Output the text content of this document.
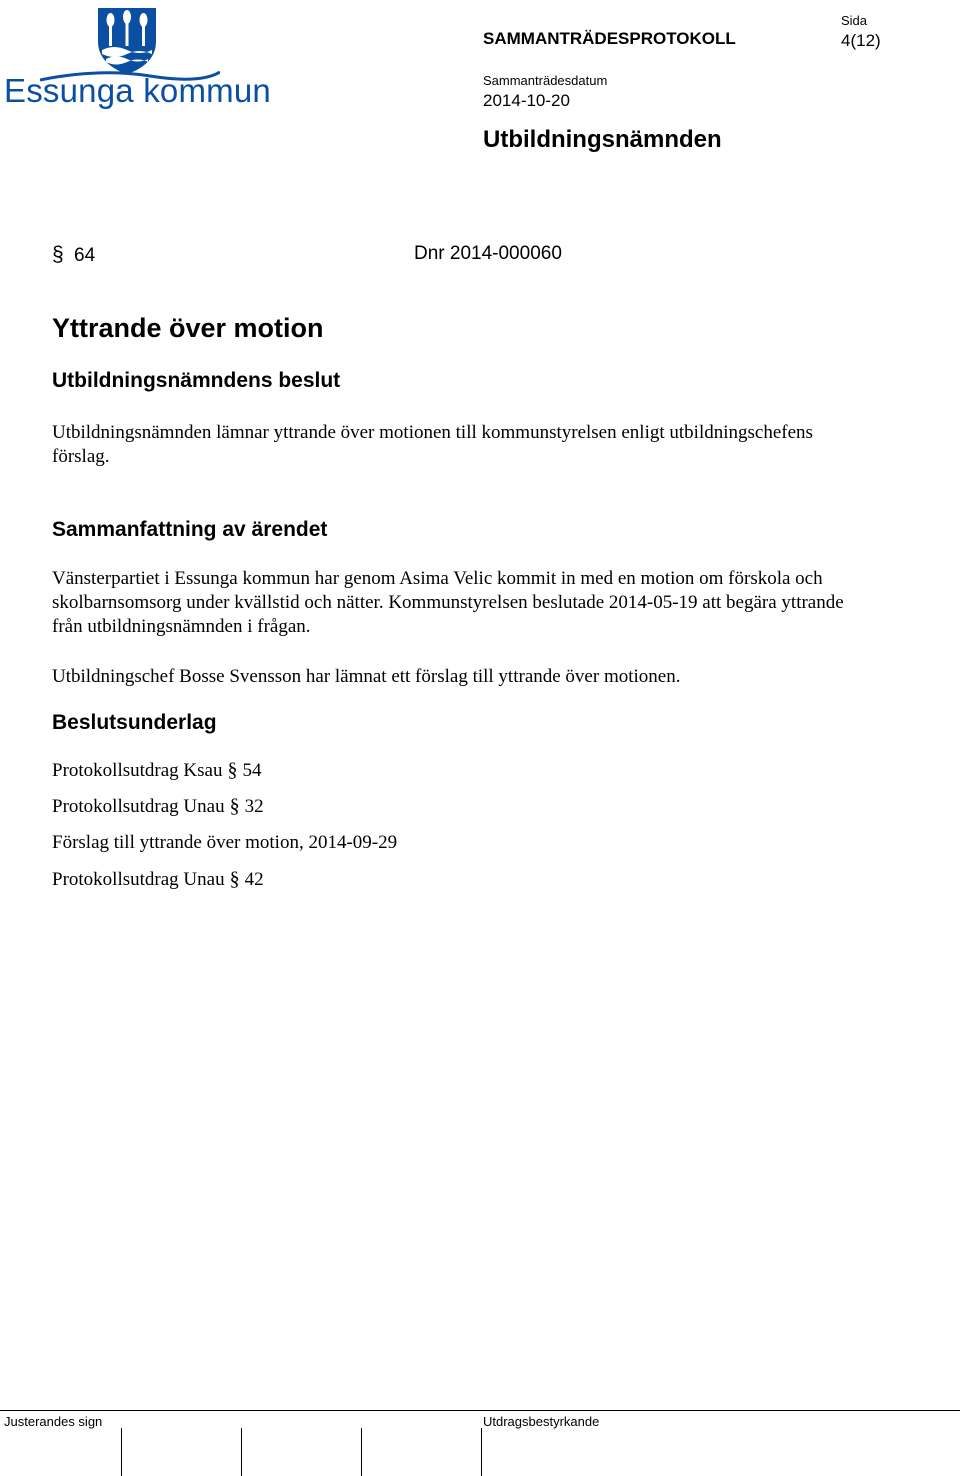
Essunga kommun
SAMMANTRÄDESPROTOKOLL
Sida
4(12)
Sammanträdesdatum
2014-10-20
Utbildningsnämnden
§ 64	Dnr 2014-000060
Yttrande över motion
Utbildningsnämndens beslut
Utbildningsnämnden lämnar yttrande över motionen till kommunstyrelsen enligt utbildningschefens förslag.
Sammanfattning av ärendet
Vänsterpartiet i Essunga kommun har genom Asima Velic kommit in med en motion om förskola och skolbarnsomsorg under kvällstid och nätter. Kommunstyrelsen beslutade 2014-05-19 att begära yttrande från utbildningsnämnden i frågan.
Utbildningschef Bosse Svensson har lämnat ett förslag till yttrande över motionen.
Beslutsunderlag
Protokollsutdrag Ksau § 54
Protokollsutdrag Unau § 32
Förslag till yttrande över motion, 2014-09-29
Protokollsutdrag Unau § 42
Justerandes sign	Utdragsbestyrkande
